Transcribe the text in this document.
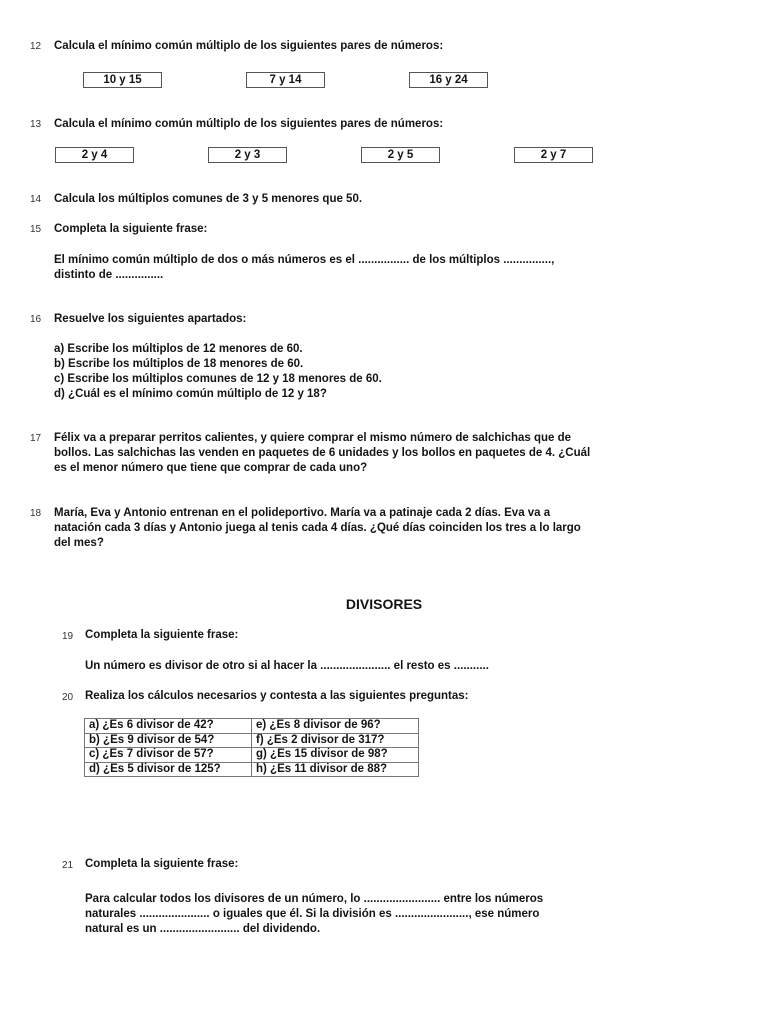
12 Calcula el mínimo común múltiplo de los siguientes pares de números:
10 y 15	7 y 14	16 y 24
13 Calcula el mínimo común múltiplo de los siguientes pares de números:
2 y 4	2 y 3	2 y 5	2 y 7
14 Calcula los múltiplos comunes de 3 y 5 menores que 50.
15 Completa la siguiente frase:
El mínimo común múltiplo de dos o más números es el ................ de los múltiplos ...............,
distinto de ...............
16 Resuelve los siguientes apartados:
a) Escribe los múltiplos de 12 menores de 60.
b) Escribe los múltiplos de 18 menores de 60.
c) Escribe los múltiplos comunes de 12 y 18 menores de 60.
d) ¿Cuál es el mínimo común múltiplo de 12 y 18?
17 Félix va a preparar perritos calientes, y quiere comprar el mismo número de salchichas que de
bollos. Las salchichas las venden en paquetes de 6 unidades y los bollos en paquetes de 4. ¿Cuál
es el menor número que tiene que comprar de cada uno?
18 María, Eva y Antonio entrenan en el polideportivo. María va a patinaje cada 2 días. Eva va a
natación cada 3 días y Antonio juega al tenis cada 4 días. ¿Qué días coinciden los tres a lo largo
del mes?
DIVISORES
19 Completa la siguiente frase:
Un número es divisor de otro si al hacer la ...................... el resto es ...........
20 Realiza los cálculos necesarios y contesta a las siguientes preguntas:
a) ¿Es 6 divisor de 42?	e) ¿Es 8 divisor de 96?
b) ¿Es 9 divisor de 54?	f) ¿Es 2 divisor de 317?
c) ¿Es 7 divisor de 57?	g) ¿Es 15 divisor de 98?
d) ¿Es 5 divisor de 125?	h) ¿Es 11 divisor de 88?
21 Completa la siguiente frase:
Para calcular todos los divisores de un número, lo ........................ entre los números
naturales ...................... o iguales que él. Si la división es ......................., ese número
natural es un ......................... del dividendo.
